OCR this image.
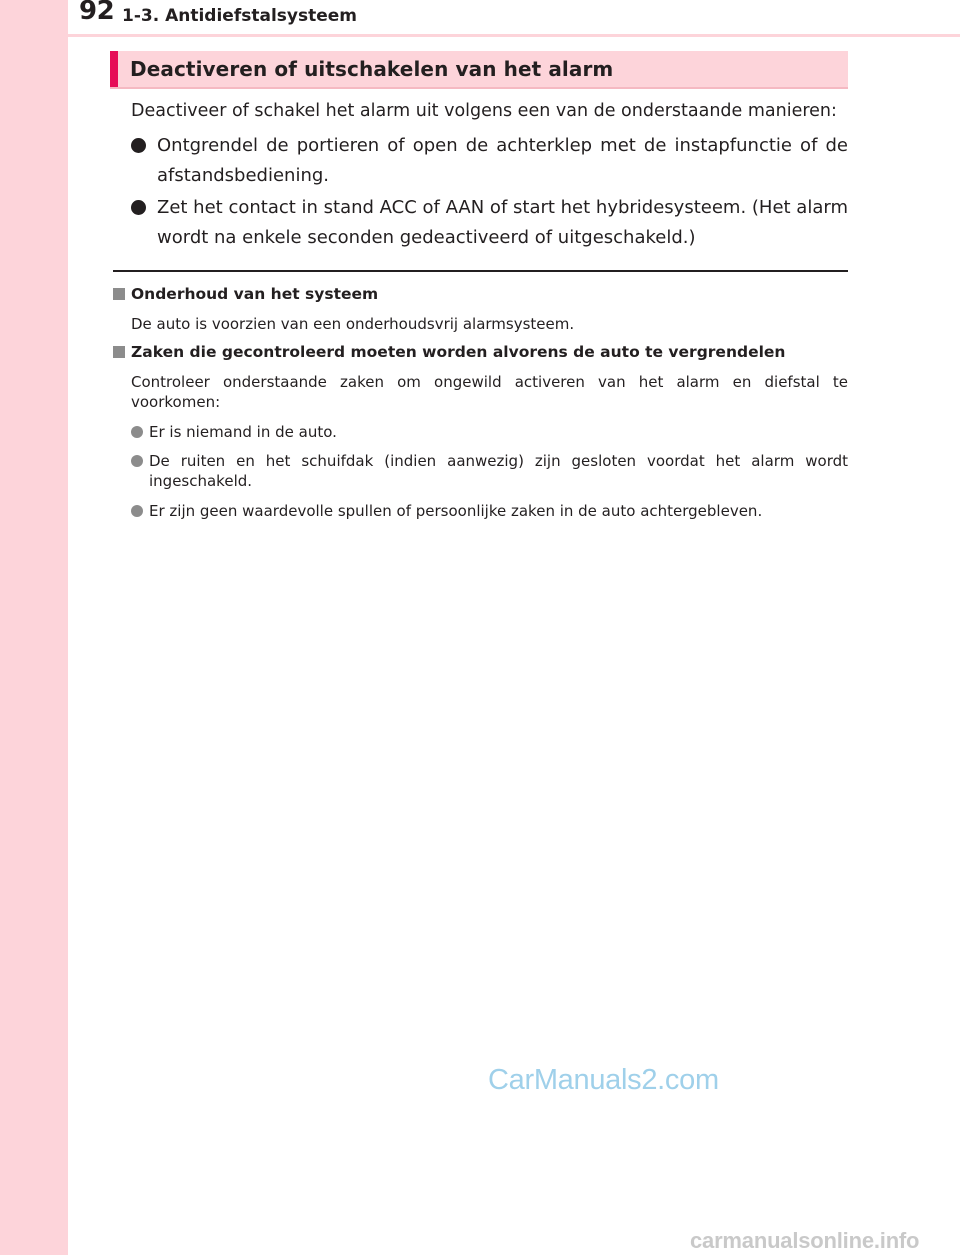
92 1-3. Antidiefstalsysteem
Deactiveren of uitschakelen van het alarm
Deactiveer of schakel het alarm uit volgens een van de onderstaande manieren:
Ontgrendel de portieren of open de achterklep met de instapfunctie of de afstandsbediening.
Zet het contact in stand ACC of AAN of start het hybridesysteem. (Het alarm wordt na enkele seconden gedeactiveerd of uitgeschakeld.)
Onderhoud van het systeem
De auto is voorzien van een onderhoudsvrij alarmsysteem.
Zaken die gecontroleerd moeten worden alvorens de auto te vergrendelen
Controleer onderstaande zaken om ongewild activeren van het alarm en diefstal te voorkomen:
Er is niemand in de auto.
De ruiten en het schuifdak (indien aanwezig) zijn gesloten voordat het alarm wordt ingeschakeld.
Er zijn geen waardevolle spullen of persoonlijke zaken in de auto achtergebleven.
CarManuals2.com
carmanualsonline.info
